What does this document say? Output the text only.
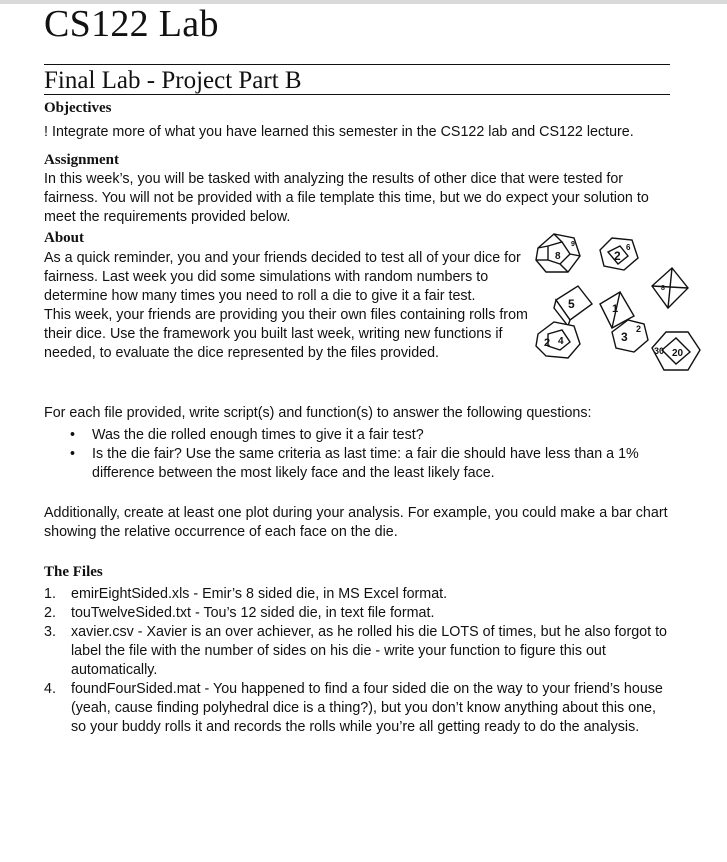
CS122 Lab
Final Lab - Project Part B
Objectives

! Integrate more of what you have learned this semester in the CS122 lab and CS122 lecture.

Assignment

In this week’s, you will be tasked with analyzing the results of other dice that were tested for fairness. You will not be provided with a file template this time, but we do expect your solution to meet the requirements provided below.

About

As a quick reminder, you and your friends decided to test all of your dice for fairness. Last week you did some simulations with random numbers to determine how many times you need to roll a die to give it a fair test.

This week, your friends are providing you their own files containing rolls from their dice. Use the framework you built last week, writing new functions if needed, to evaluate the dice represented by the files provided.

8
9
2
6
8
5	1
3
2
2 4
30 20

For each file provided, write script(s) and function(s) to answer the following questions:

• Was the die rolled enough times to give it a fair test?
• Is the die fair? Use the same criteria as last time: a fair die should have less than a 1% difference between the most likely face and the least likely face.

Additionally, create at least one plot during your analysis. For example, you could make a bar chart showing the relative occurrence of each face on the die.

The Files
1. emirEightSided.xls - Emir’s 8 sided die, in MS Excel format.
2. touTwelveSided.txt - Tou’s 12 sided die, in text file format.
3. xavier.csv - Xavier is an over achiever, as he rolled his die LOTS of times, but he also forgot to label the file with the number of sides on his die - write your function to figure this out automatically.
4. foundFourSided.mat - You happened to find a four sided die on the way to your friend’s house (yeah, cause finding polyhedral dice is a thing?), but you don’t know anything about this one, so your buddy rolls it and records the rolls while you’re all getting ready to do the analysis.
